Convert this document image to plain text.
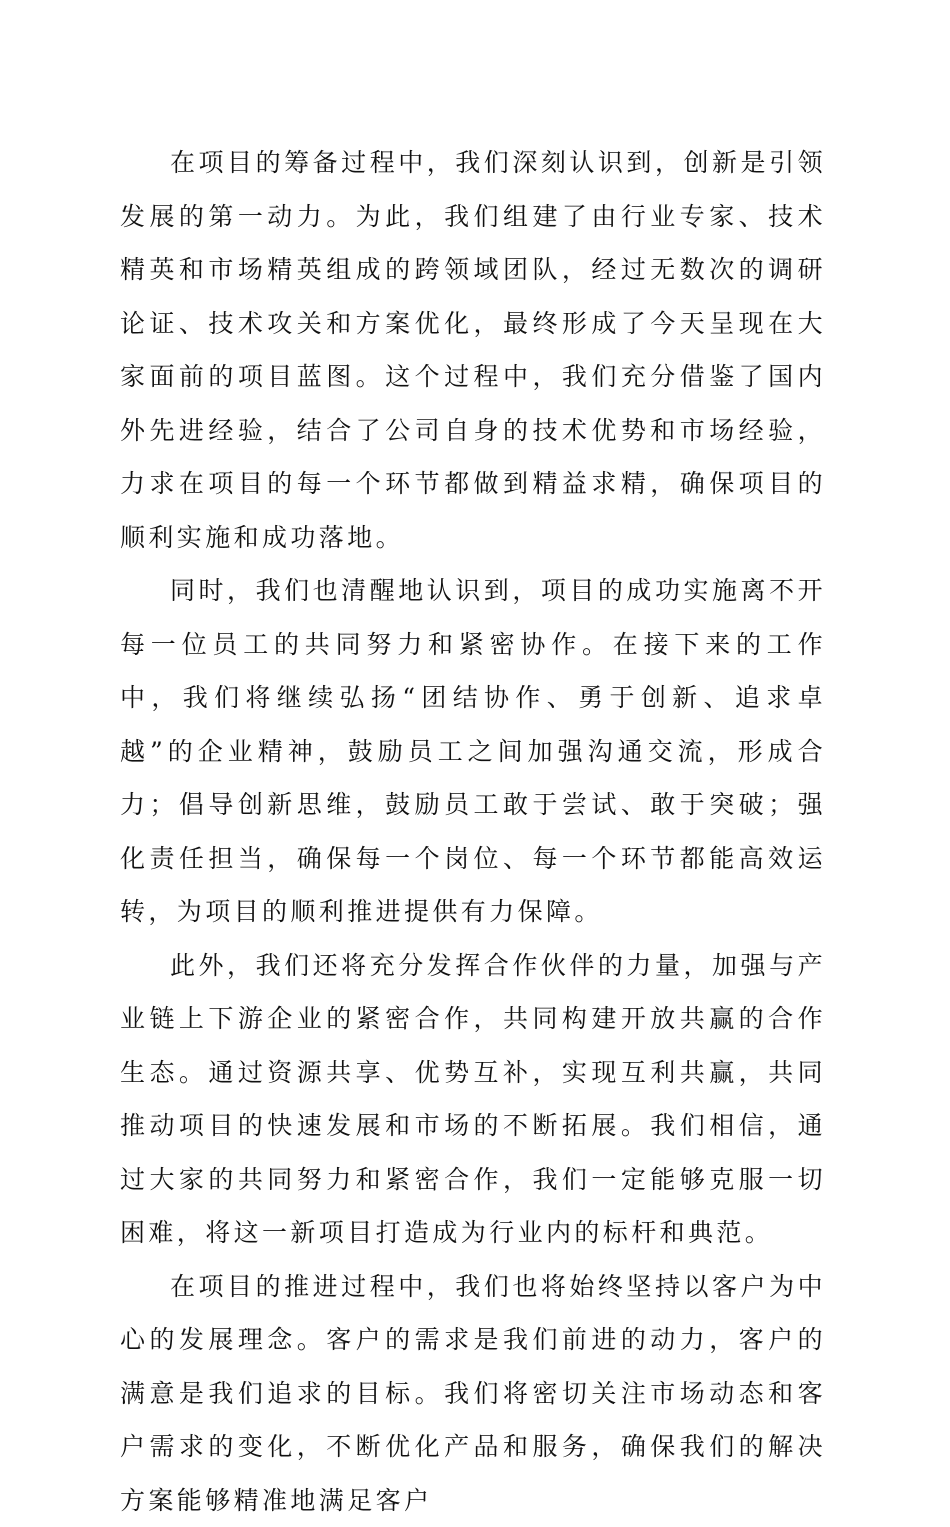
在项目的筹备过程中，我们深刻认识到，创新是引领发展的第一动力。为此，我们组建了由行业专家、技术精英和市场精英组成的跨领域团队，经过无数次的调研论证、技术攻关和方案优化，最终形成了今天呈现在大家面前的项目蓝图。这个过程中，我们充分借鉴了国内外先进经验，结合了公司自身的技术优势和市场经验，力求在项目的每一个环节都做到精益求精，确保项目的顺利实施和成功落地。

同时，我们也清醒地认识到，项目的成功实施离不开每一位员工的共同努力和紧密协作。在接下来的工作中，我们将继续弘扬“团结协作、勇于创新、追求卓越”的企业精神，鼓励员工之间加强沟通交流，形成合力；倡导创新思维，鼓励员工敢于尝试、敢于突破；强化责任担当，确保每一个岗位、每一个环节都能高效运转，为项目的顺利推进提供有力保障。

此外，我们还将充分发挥合作伙伴的力量，加强与产业链上下游企业的紧密合作，共同构建开放共赢的合作生态。通过资源共享、优势互补，实现互利共赢，共同推动项目的快速发展和市场的不断拓展。我们相信，通过大家的共同努力和紧密合作，我们一定能够克服一切困难，将这一新项目打造成为行业内的标杆和典范。

在项目的推进过程中，我们也将始终坚持以客户为中心的发展理念。客户的需求是我们前进的动力，客户的满意是我们追求的目标。我们将密切关注市场动态和客户需求的变化，不断优化产品和服务，确保我们的解决方案能够精准地满足客户
